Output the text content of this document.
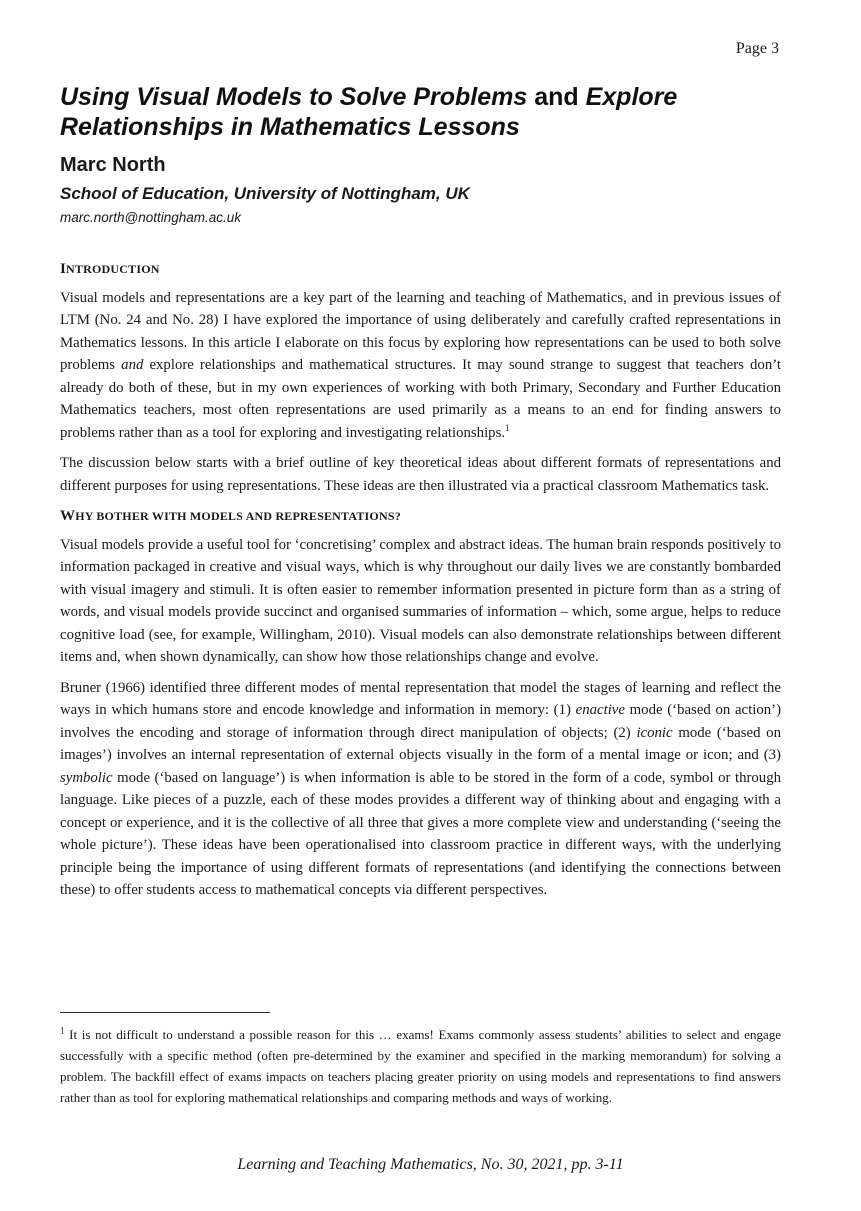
Page 3
Using Visual Models to Solve Problems and Explore Relationships in Mathematics Lessons
Marc North
School of Education, University of Nottingham, UK
marc.north@nottingham.ac.uk
INTRODUCTION

Visual models and representations are a key part of the learning and teaching of Mathematics, and in previous issues of LTM (No. 24 and No. 28) I have explored the importance of using deliberately and carefully crafted representations in Mathematics lessons. In this article I elaborate on this focus by exploring how representations can be used to both solve problems and explore relationships and mathematical structures. It may sound strange to suggest that teachers don’t already do both of these, but in my own experiences of working with both Primary, Secondary and Further Education Mathematics teachers, most often representations are used primarily as a means to an end for finding answers to problems rather than as a tool for exploring and investigating relationships.$^1$

The discussion below starts with a brief outline of key theoretical ideas about different formats of representations and different purposes for using representations. These ideas are then illustrated via a practical classroom Mathematics task.

WHY BOTHER WITH MODELS AND REPRESENTATIONS?

Visual models provide a useful tool for ‘concretising’ complex and abstract ideas. The human brain responds positively to information packaged in creative and visual ways, which is why throughout our daily lives we are constantly bombarded with visual imagery and stimuli. It is often easier to remember information presented in picture form than as a string of words, and visual models provide succinct and organised summaries of information – which, some argue, helps to reduce cognitive load (see, for example, Willingham, 2010). Visual models can also demonstrate relationships between different items and, when shown dynamically, can show how those relationships change and evolve.

Bruner (1966) identified three different modes of mental representation that model the stages of learning and reflect the ways in which humans store and encode knowledge and information in memory: (1) enactive mode (‘based on action’) involves the encoding and storage of information through direct manipulation of objects; (2) iconic mode (‘based on images’) involves an internal representation of external objects visually in the form of a mental image or icon; and (3) symbolic mode (‘based on language’) is when information is able to be stored in the form of a code, symbol or through language. Like pieces of a puzzle, each of these modes provides a different way of thinking about and engaging with a concept or experience, and it is the collective of all three that gives a more complete view and understanding (‘seeing the whole picture’). These ideas have been operationalised into classroom practice in different ways, with the underlying principle being the importance of using different formats of representations (and identifying the connections between these) to offer students access to mathematical concepts via different perspectives.

$^1$ It is not difficult to understand a possible reason for this … exams! Exams commonly assess students’ abilities to select and engage successfully with a specific method (often pre-determined by the examiner and specified in the marking memorandum) for solving a problem. The backfill effect of exams impacts on teachers placing greater priority on using models and representations to find answers rather than as tool for exploring mathematical relationships and comparing methods and ways of working.
Learning and Teaching Mathematics, No. 30, 2021, pp. 3-11
